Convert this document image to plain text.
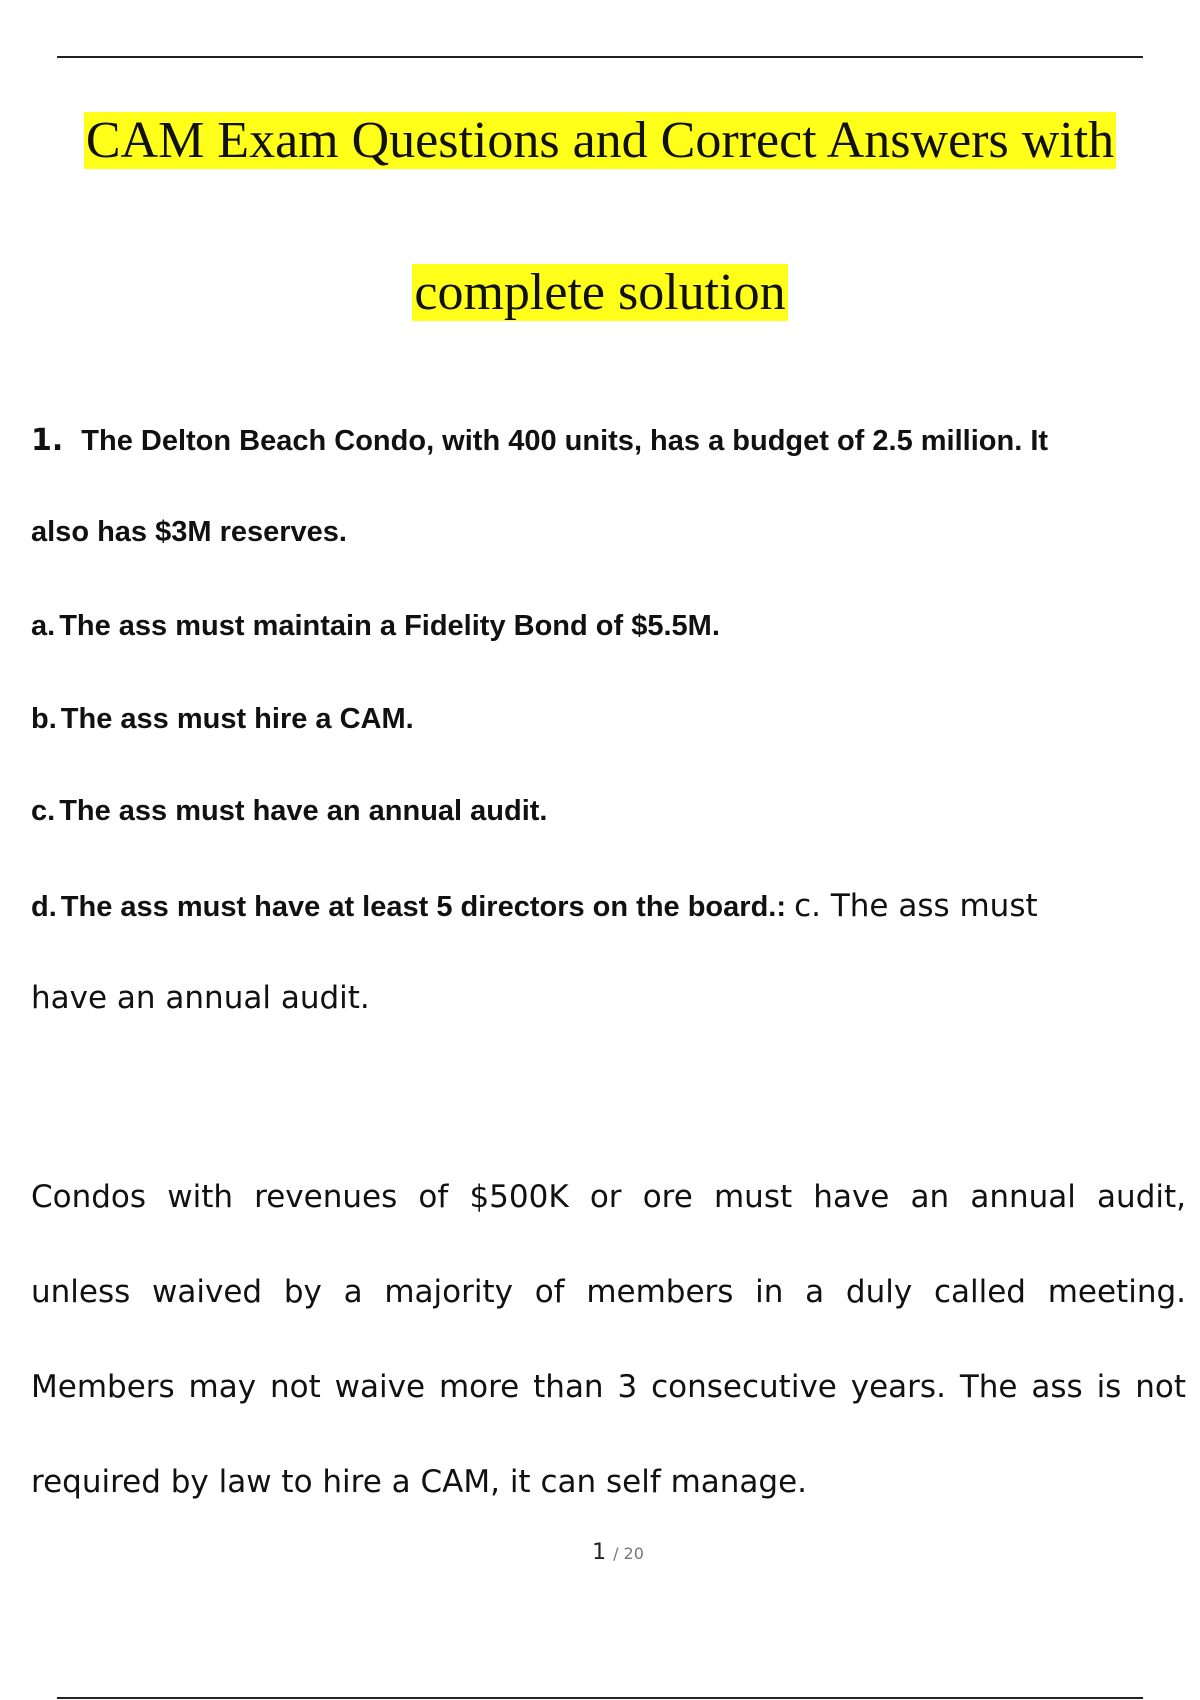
CAM Exam Questions and Correct Answers with
complete solution
1. The Delton Beach Condo, with 400 units, has a budget of 2.5 million. It
also has $3M reserves.
a. The ass must maintain a Fidelity Bond of $5.5M.
b. The ass must hire a CAM.
c. The ass must have an annual audit.
d. The ass must have at least 5 directors on the board.: c. The ass must
have an annual audit.
Condos with revenues of $500K or ore must have an annual audit,
unless waived by a majority of members in a duly called meeting.
Members may not waive more than 3 consecutive years. The ass is not
required by law to hire a CAM, it can self manage.
1 / 20
